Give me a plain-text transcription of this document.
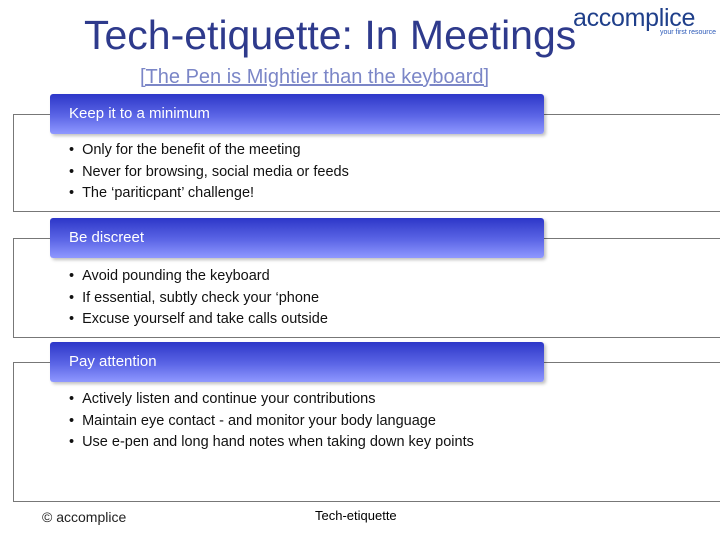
Tech-etiquette: In Meetings
[The Pen is Mightier than the keyboard]
accomplice
your first resource
Keep it to a minimum
• Only for the benefit of the meeting
• Never for browsing, social media or feeds
• The ‘pariticpant’ challenge!
Be discreet
• Avoid pounding the keyboard
• If essential, subtly check your ‘phone
• Excuse yourself and take calls outside
Pay attention
• Actively listen and continue your contributions
• Maintain eye contact - and monitor your body language
• Use e-pen and long hand notes when taking down key points
© accomplice	Tech-etiquette
